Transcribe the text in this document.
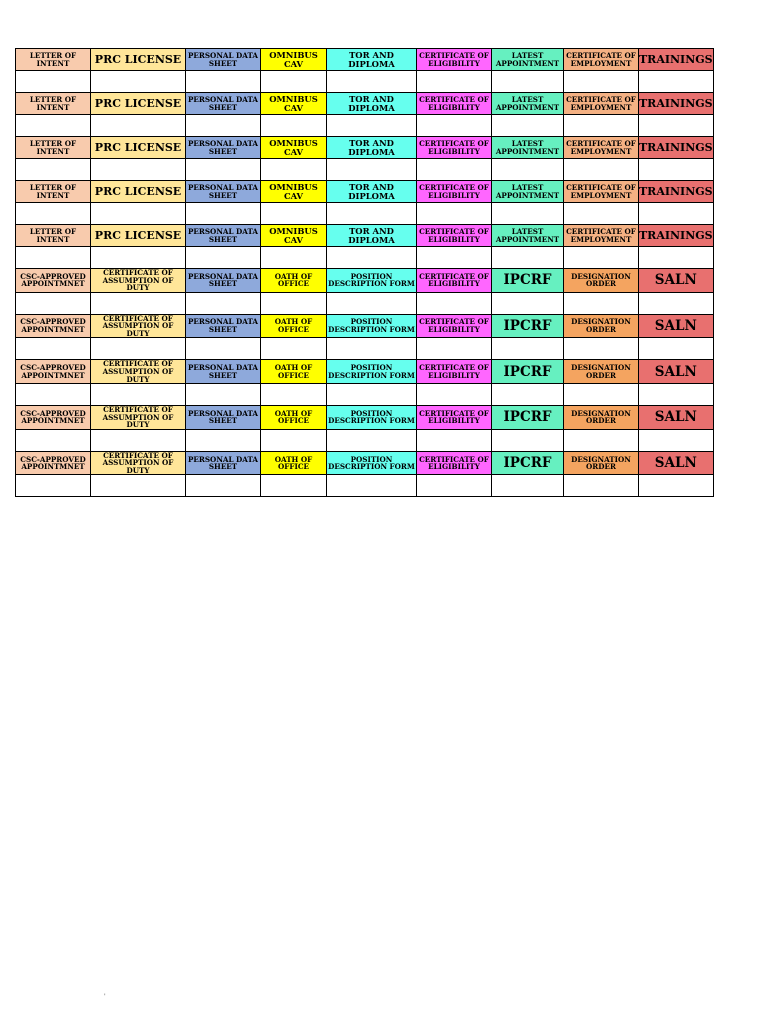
LETTER OF INTENT	PRC LICENSE	PERSONAL DATA SHEET	OMNIBUS CAV	TOR AND DIPLOMA	CERTIFICATE OF ELIGIBILITY	LATEST APPOINTMENT	CERTIFICATE OF EMPLOYMENT	TRAININGS

LETTER OF INTENT	PRC LICENSE	PERSONAL DATA SHEET	OMNIBUS CAV	TOR AND DIPLOMA	CERTIFICATE OF ELIGIBILITY	LATEST APPOINTMENT	CERTIFICATE OF EMPLOYMENT	TRAININGS

LETTER OF INTENT	PRC LICENSE	PERSONAL DATA SHEET	OMNIBUS CAV	TOR AND DIPLOMA	CERTIFICATE OF ELIGIBILITY	LATEST APPOINTMENT	CERTIFICATE OF EMPLOYMENT	TRAININGS

LETTER OF INTENT	PRC LICENSE	PERSONAL DATA SHEET	OMNIBUS CAV	TOR AND DIPLOMA	CERTIFICATE OF ELIGIBILITY	LATEST APPOINTMENT	CERTIFICATE OF EMPLOYMENT	TRAININGS

LETTER OF INTENT	PRC LICENSE	PERSONAL DATA SHEET	OMNIBUS CAV	TOR AND DIPLOMA	CERTIFICATE OF ELIGIBILITY	LATEST APPOINTMENT	CERTIFICATE OF EMPLOYMENT	TRAININGS

CSC-APPROVED APPOINTMNET	CERTIFICATE OF ASSUMPTION OF DUTY	PERSONAL DATA SHEET	OATH OF OFFICE	POSITION DESCRIPTION FORM	CERTIFICATE OF ELIGIBILITY	IPCRF	DESIGNATION ORDER	SALN

CSC-APPROVED APPOINTMNET	CERTIFICATE OF ASSUMPTION OF DUTY	PERSONAL DATA SHEET	OATH OF OFFICE	POSITION DESCRIPTION FORM	CERTIFICATE OF ELIGIBILITY	IPCRF	DESIGNATION ORDER	SALN

CSC-APPROVED APPOINTMNET	CERTIFICATE OF ASSUMPTION OF DUTY	PERSONAL DATA SHEET	OATH OF OFFICE	POSITION DESCRIPTION FORM	CERTIFICATE OF ELIGIBILITY	IPCRF	DESIGNATION ORDER	SALN

CSC-APPROVED APPOINTMNET	CERTIFICATE OF ASSUMPTION OF DUTY	PERSONAL DATA SHEET	OATH OF OFFICE	POSITION DESCRIPTION FORM	CERTIFICATE OF ELIGIBILITY	IPCRF	DESIGNATION ORDER	SALN

CSC-APPROVED APPOINTMNET	CERTIFICATE OF ASSUMPTION OF DUTY	PERSONAL DATA SHEET	OATH OF OFFICE	POSITION DESCRIPTION FORM	CERTIFICATE OF ELIGIBILITY	IPCRF	DESIGNATION ORDER	SALN

'
